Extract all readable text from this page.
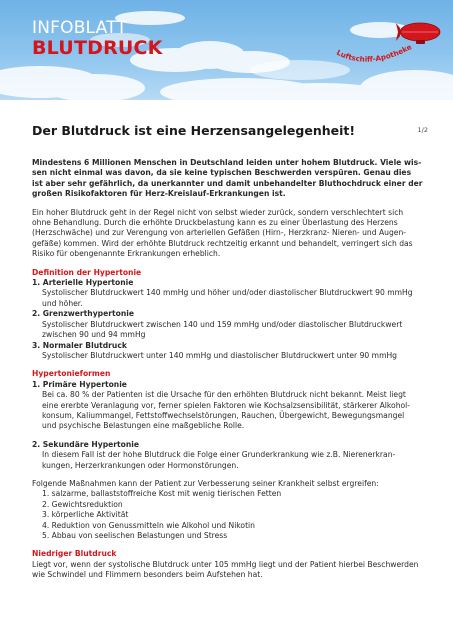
INFOBLATT
BLUTDRUCK	Luftschiff-Apotheke
Der Blutdruck ist eine Herzensangelegenheit!	1/2
Mindestens 6 Millionen Menschen in Deutschland leiden unter hohem Blutdruck. Viele wis-
sen nicht einmal was davon, da sie keine typischen Beschwerden verspüren. Genau dies
ist aber sehr gefährlich, da unerkannter und damit unbehandelter Bluthochdruck einer der
großen Risikofaktoren für Herz-Kreislauf-Erkrankungen ist.
Ein hoher Blutdruck geht in der Regel nicht von selbst wieder zurück, sondern verschlechtert sich
ohne Behandlung. Durch die erhöhte Druckbelastung kann es zu einer Überlastung des Herzens
(Herzschwäche) und zur Verengung von arteriellen Gefäßen (Hirn-, Herzkranz- Nieren- und Augen-
gefäße) kommen. Wird der erhöhte Blutdruck rechtzeitig erkannt und behandelt, verringert sich das
Risiko für obengenannte Erkrankungen erheblich.
Definition der Hypertonie
1. Arterielle Hypertonie
Systolischer Blutdruckwert 140 mmHg und höher und/oder diastolischer Blutdruckwert 90 mmHg
und höher.
2. Grenzwerthypertonie
Systolischer Blutdruckwert zwischen 140 und 159 mmHg und/oder diastolischer Blutdruckwert
zwischen 90 und 94 mmHg
3. Normaler Blutdruck
Systolischer Blutdruckwert unter 140 mmHg und diastolischer Blutdruckwert unter 90 mmHg
Hypertonieformen
1. Primäre Hypertonie
Bei ca. 80 % der Patienten ist die Ursache für den erhöhten Blutdruck nicht bekannt. Meist liegt
eine ererbte Veranlagung vor, ferner spielen Faktoren wie Kochsalzsensibilität, stärkerer Alkohol-
konsum, Kaliummangel, Fettstoffwechselstörungen, Rauchen, Übergewicht, Bewegungsmangel
und psychische Belastungen eine maßgebliche Rolle.
2. Sekundäre Hypertonie
In diesem Fall ist der hohe Blutdruck die Folge einer Grunderkrankung wie z.B. Nierenerkran-
kungen, Herzerkrankungen oder Hormonstörungen.
Folgende Maßnahmen kann der Patient zur Verbesserung seiner Krankheit selbst ergreifen:
1. salzarme, ballaststoffreiche Kost mit wenig tierischen Fetten
2. Gewichtsreduktion
3. körperliche Aktivität
4. Reduktion von Genussmitteln wie Alkohol und Nikotin
5. Abbau von seelischen Belastungen und Stress
Niedriger Blutdruck
Liegt vor, wenn der systolische Blutdruck unter 105 mmHg liegt und der Patient hierbei Beschwerden
wie Schwindel und Flimmern besonders beim Aufstehen hat.
